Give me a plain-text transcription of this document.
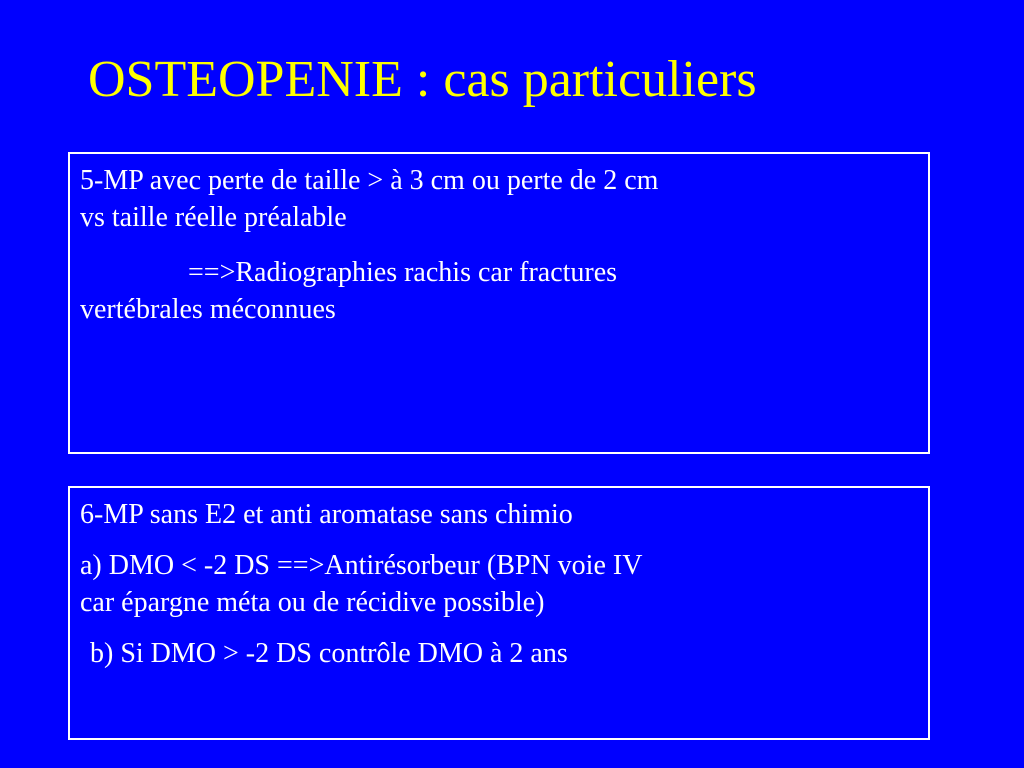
OSTEOPENIE : cas particuliers

5-MP avec perte de taille > à 3 cm ou perte de 2 cm

vs taille réelle préalable

==>Radiographies rachis car fractures

vertébrales méconnues

6-MP sans E2 et anti aromatase sans chimio

a) DMO < -2 DS ==>Antirésorbeur (BPN voie IV

car épargne méta ou de récidive possible)

b) Si DMO > -2 DS contrôle DMO à 2 ans
